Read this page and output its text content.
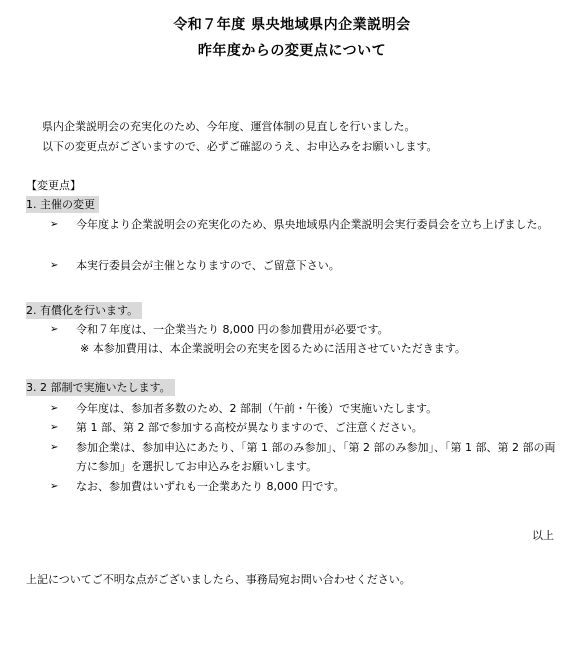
令和７年度 県央地域県内企業説明会
昨年度からの変更点について
県内企業説明会の充実化のため、今年度、運営体制の見直しを行いました。
以下の変更点がございますので、必ずご確認のうえ、お申込みをお願いします。
【変更点】
1. 主催の変更
➢ 今年度より企業説明会の充実化のため、県央地域県内企業説明会実行委員会を立ち上げました。
➢ 本実行委員会が主催となりますので、ご留意下さい。
2. 有償化を行います。
➢ 令和７年度は、一企業当たり 8,000 円の参加費用が必要です。
※ 本参加費用は、本企業説明会の充実を図るために活用させていただきます。
3. 2 部制で実施いたします。
➢ 今年度は、参加者多数のため、2 部制（午前・午後）で実施いたします。
➢ 第 1 部、第 2 部で参加する高校が異なりますので、ご注意ください。
➢ 参加企業は、参加申込にあたり、「第 1 部のみ参加」、「第 2 部のみ参加」、「第 1 部、第 2 部の両方に参加」を選択してお申込みをお願いします。
➢ なお、参加費はいずれも一企業あたり 8,000 円です。
以上
上記についてご不明な点がございましたら、事務局宛お問い合わせください。
